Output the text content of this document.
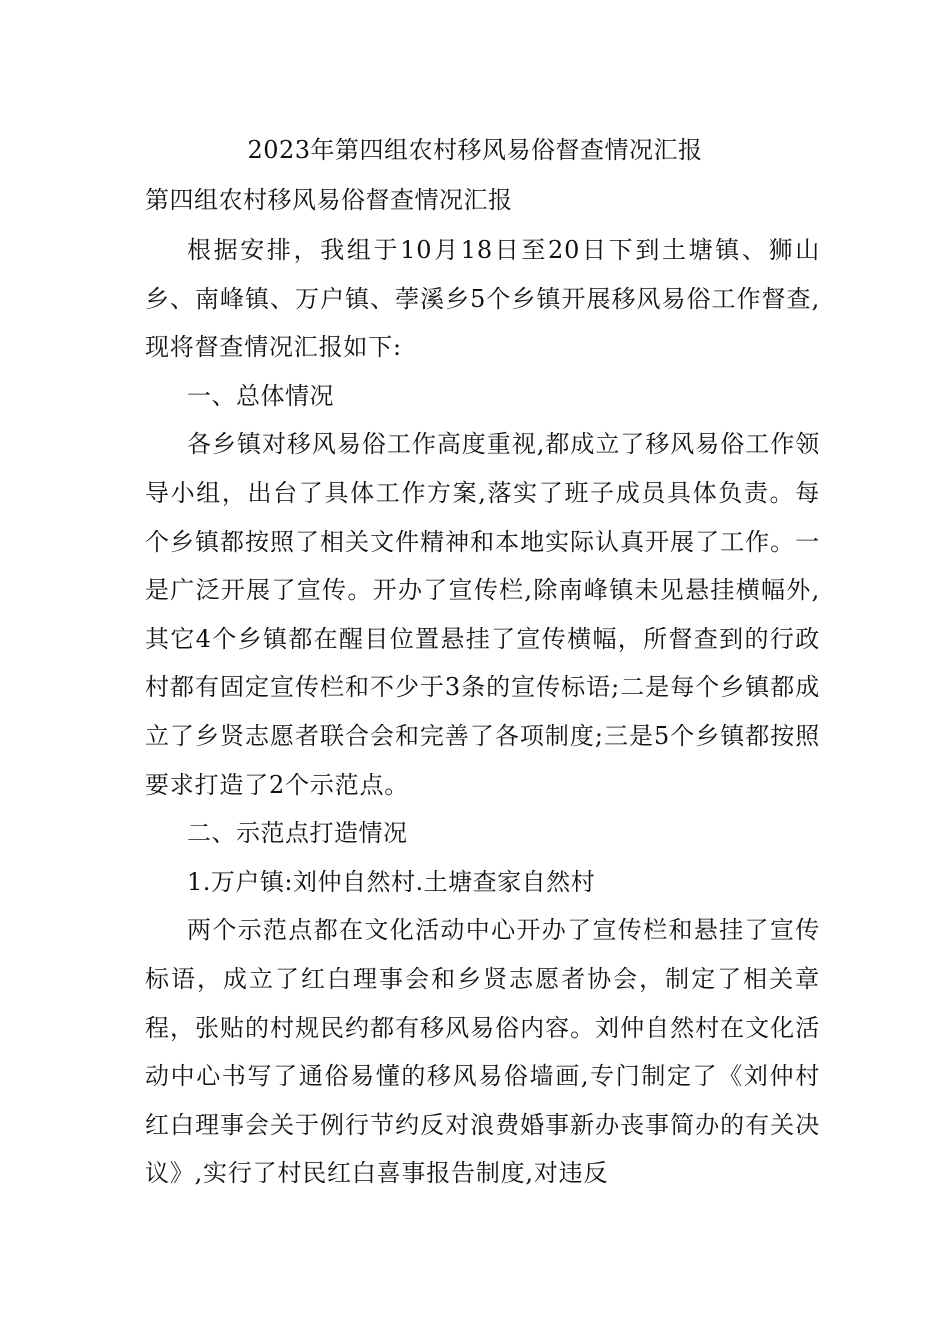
2023年第四组农村移风易俗督查情况汇报
第四组农村移风易俗督查情况汇报

根据安排，我组于10月18日至20日下到土塘镇、狮山乡、南峰镇、万户镇、荸溪乡5个乡镇开展移风易俗工作督查,现将督查情况汇报如下:

一、总体情况

各乡镇对移风易俗工作高度重视,都成立了移风易俗工作领导小组，出台了具体工作方案,落实了班子成员具体负责。每个乡镇都按照了相关文件精神和本地实际认真开展了工作。一是广泛开展了宣传。开办了宣传栏,除南峰镇未见悬挂横幅外,其它4个乡镇都在醒目位置悬挂了宣传横幅，所督查到的行政村都有固定宣传栏和不少于3条的宣传标语;二是每个乡镇都成立了乡贤志愿者联合会和完善了各项制度;三是5个乡镇都按照要求打造了2个示范点。

二、示范点打造情况

1.万户镇:刘仲自然村.土塘查家自然村

两个示范点都在文化活动中心开办了宣传栏和悬挂了宣传标语，成立了红白理事会和乡贤志愿者协会，制定了相关章程，张贴的村规民约都有移风易俗内容。刘仲自然村在文化活动中心书写了通俗易懂的移风易俗墙画,专门制定了《刘仲村红白理事会关于例行节约反对浪费婚事新办丧事简办的有关决议》,实行了村民红白喜事报告制度,对违反
